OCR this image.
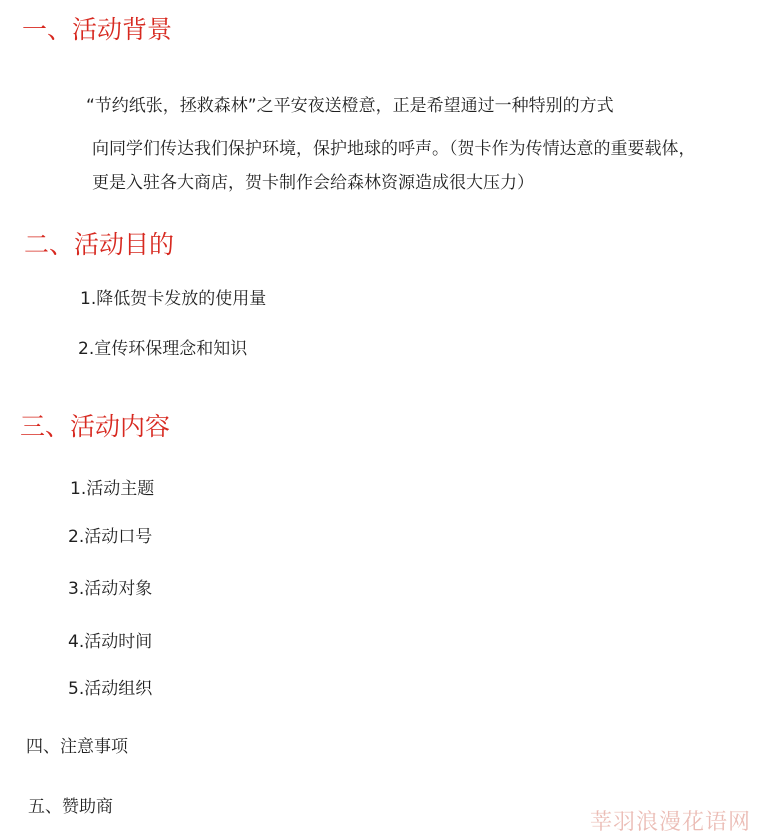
一、活动背景
“节约纸张，拯救森林”之平安夜送橙意，正是希望通过一种特别的方式
向同学们传达我们保护环境，保护地球的呼声。（贺卡作为传情达意的重要载体，
更是入驻各大商店，贺卡制作会给森林资源造成很大压力）
二、活动目的
1.降低贺卡发放的使用量
2.宣传环保理念和知识
三、活动内容
1.活动主题
2.活动口号
3.活动对象
4.活动时间
5.活动组织
四、注意事项
五、赞助商
莘羽浪漫花语网
